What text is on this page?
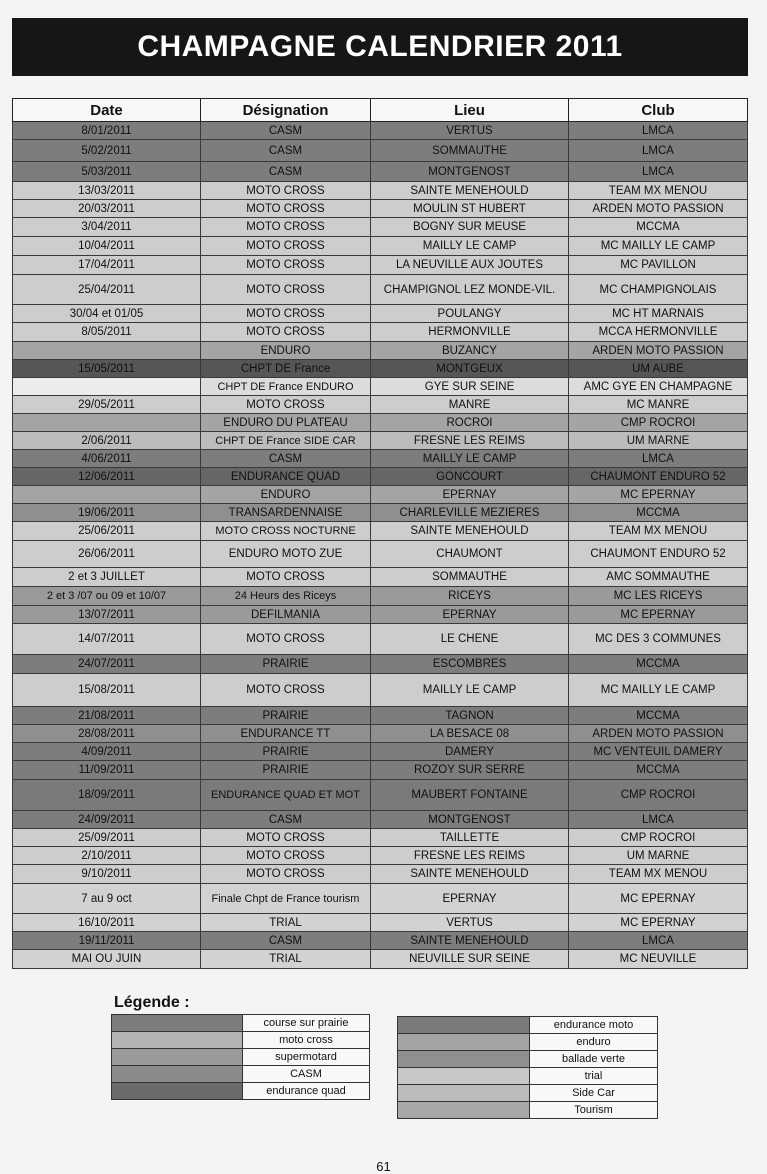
CHAMPAGNE CALENDRIER 2011
Date	Désignation	Lieu	Club
8/01/2011	CASM	VERTUS	LMCA
5/02/2011	CASM	SOMMAUTHE	LMCA
5/03/2011	CASM	MONTGENOST	LMCA
13/03/2011	MOTO CROSS	SAINTE MENEHOULD	TEAM MX MENOU
20/03/2011	MOTO CROSS	MOULIN ST HUBERT	ARDEN MOTO PASSION
3/04/2011	MOTO CROSS	BOGNY SUR MEUSE	MCCMA
10/04/2011	MOTO CROSS	MAILLY LE CAMP	MC MAILLY LE CAMP
17/04/2011	MOTO CROSS	LA NEUVILLE AUX JOUTES	MC PAVILLON
25/04/2011	MOTO CROSS	CHAMPIGNOL LEZ MONDE-VIL.	MC CHAMPIGNOLAIS
30/04 et 01/05	MOTO CROSS	POULANGY	MC HT MARNAIS
8/05/2011	MOTO CROSS	HERMONVILLE	MCCA HERMONVILLE
	ENDURO	BUZANCY	ARDEN MOTO PASSION
15/05/2011	CHPT DE France	MONTGEUX	UM AUBE
	CHPT DE France ENDURO	GYE SUR SEINE	AMC GYE EN CHAMPAGNE
29/05/2011	MOTO CROSS	MANRE	MC MANRE
	ENDURO DU PLATEAU	ROCROI	CMP ROCROI
2/06/2011	CHPT DE France SIDE CAR	FRESNE LES REIMS	UM MARNE
4/06/2011	CASM	MAILLY LE CAMP	LMCA
12/06/2011	ENDURANCE QUAD	GONCOURT	CHAUMONT ENDURO 52
	ENDURO	EPERNAY	MC EPERNAY
19/06/2011	TRANSARDENNAISE	CHARLEVILLE MEZIERES	MCCMA
25/06/2011	MOTO CROSS NOCTURNE	SAINTE MENEHOULD	TEAM MX MENOU
26/06/2011	ENDURO MOTO ZUE	CHAUMONT	CHAUMONT ENDURO 52
2 et 3 JUILLET	MOTO CROSS	SOMMAUTHE	AMC SOMMAUTHE
2 et 3 /07 ou 09 et 10/07	24 Heurs des Riceys	RICEYS	MC LES RICEYS
13/07/2011	DEFILMANIA	EPERNAY	MC EPERNAY
14/07/2011	MOTO CROSS	LE CHENE	MC DES 3 COMMUNES
24/07/2011	PRAIRIE	ESCOMBRES	MCCMA
15/08/2011	MOTO CROSS	MAILLY LE CAMP	MC MAILLY LE CAMP
21/08/2011	PRAIRIE	TAGNON	MCCMA
28/08/2011	ENDURANCE TT	LA BESACE 08	ARDEN MOTO PASSION
4/09/2011	PRAIRIE	DAMERY	MC VENTEUIL DAMERY
11/09/2011	PRAIRIE	ROZOY SUR SERRE	MCCMA
18/09/2011	ENDURANCE QUAD ET MOT	MAUBERT FONTAINE	CMP ROCROI
24/09/2011	CASM	MONTGENOST	LMCA
25/09/2011	MOTO CROSS	TAILLETTE	CMP ROCROI
2/10/2011	MOTO CROSS	FRESNE LES REIMS	UM MARNE
9/10/2011	MOTO CROSS	SAINTE MENEHOULD	TEAM MX MENOU
7 au 9 oct	Finale Chpt de France tourism	EPERNAY	MC EPERNAY
16/10/2011	TRIAL	VERTUS	MC EPERNAY
19/11/2011	CASM	SAINTE MENEHOULD	LMCA
MAI OU JUIN	TRIAL	NEUVILLE SUR SEINE	MC NEUVILLE
Légende :
	course sur prairie
	moto cross
	supermotard
	CASM
	endurance quad
	endurance moto
	enduro
	ballade verte
	trial
	Side Car
	Tourism
61
